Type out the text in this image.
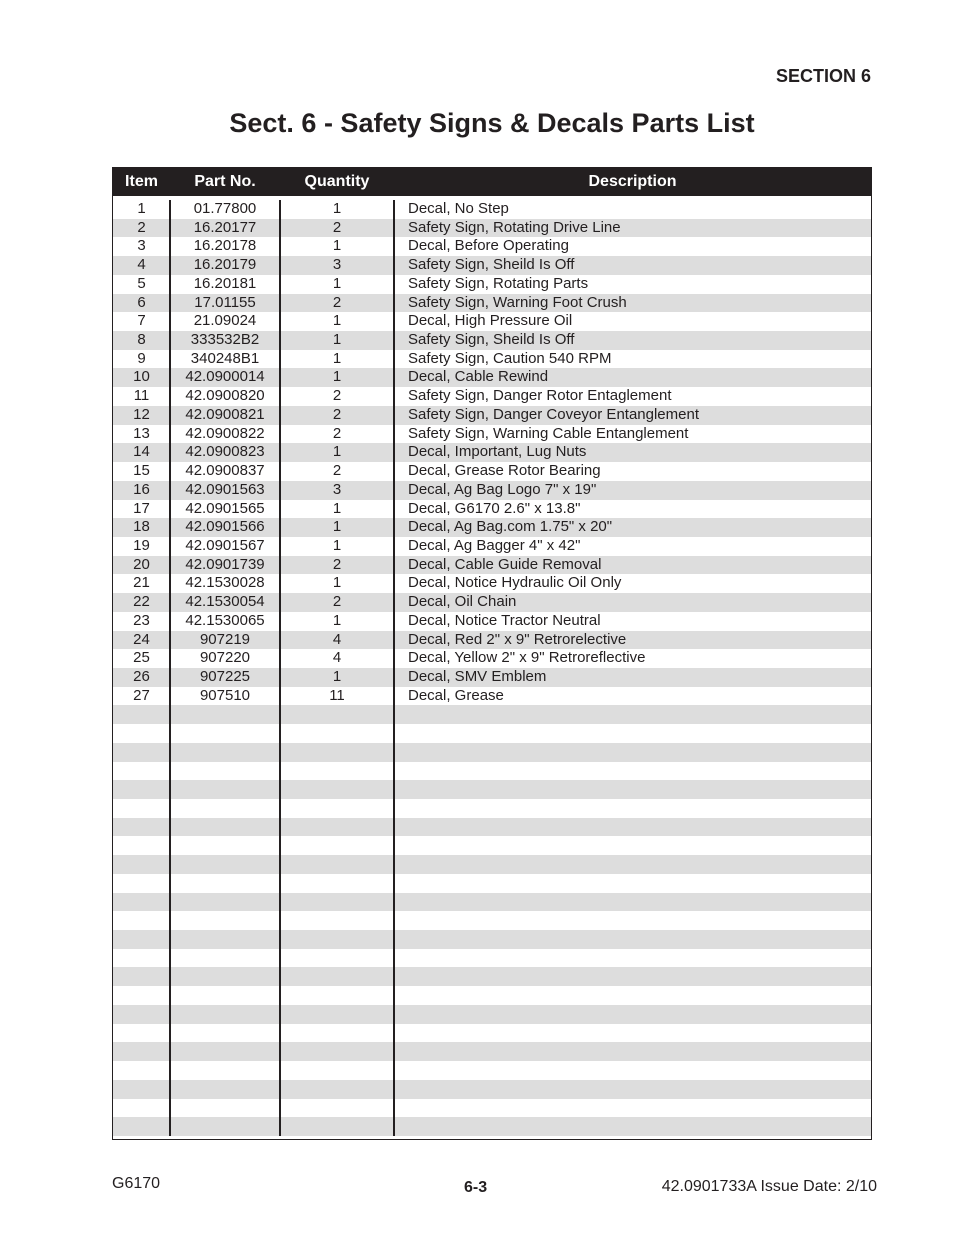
SECTION 6
Sect. 6 - Safety Signs & Decals Parts List
Item	Part No.	Quantity	Description
1	01.77800	1	Decal, No Step
2	16.20177	2	Safety Sign, Rotating Drive Line
3	16.20178	1	Decal, Before Operating
4	16.20179	3	Safety Sign, Sheild Is Off
5	16.20181	1	Safety Sign, Rotating Parts
6	17.01155	2	Safety Sign, Warning Foot Crush
7	21.09024	1	Decal, High Pressure Oil
8	333532B2	1	Safety Sign, Sheild Is Off
9	340248B1	1	Safety Sign, Caution 540 RPM
10	42.0900014	1	Decal, Cable Rewind
11	42.0900820	2	Safety Sign, Danger Rotor Entaglement
12	42.0900821	2	Safety Sign, Danger Coveyor Entanglement
13	42.0900822	2	Safety Sign, Warning Cable Entanglement
14	42.0900823	1	Decal, Important, Lug Nuts
15	42.0900837	2	Decal, Grease Rotor Bearing
16	42.0901563	3	Decal, Ag Bag Logo 7" x 19"
17	42.0901565	1	Decal, G6170 2.6" x 13.8"
18	42.0901566	1	Decal, Ag Bag.com 1.75" x 20"
19	42.0901567	1	Decal, Ag Bagger 4" x 42"
20	42.0901739	2	Decal, Cable Guide Removal
21	42.1530028	1	Decal, Notice Hydraulic Oil Only
22	42.1530054	2	Decal, Oil Chain
23	42.1530065	1	Decal, Notice Tractor Neutral
24	907219	4	Decal, Red 2" x 9" Retrorelective
25	907220	4	Decal, Yellow 2" x 9" Retroreflective
26	907225	1	Decal, SMV Emblem
27	907510	11	Decal, Grease
G6170	6-3	42.0901733A Issue Date: 2/10
